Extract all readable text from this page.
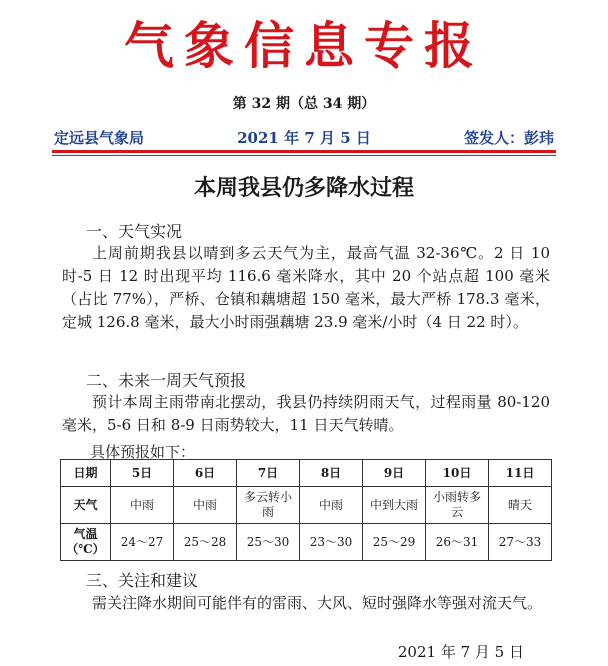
气象信息专报
第 32 期（总 34 期）
定远县气象局	2021 年 7 月 5 日	签发人：彭玮
本周我县仍多降水过程
一、天气实况
上周前期我县以晴到多云天气为主，最高气温 32-36℃。2 日 10 时-5 日 12 时出现平均 116.6 毫米降水，其中 20 个站点超 100 毫米（占比 77%），严桥、仓镇和藕塘超 150 毫米，最大严桥 178.3 毫米，定城 126.8 毫米，最大小时雨强藕塘 23.9 毫米/小时（4 日 22 时）。
二、未来一周天气预报
预计本周主雨带南北摆动，我县仍持续阴雨天气，过程雨量 80-120 毫米，5-6 日和 8-9 日雨势较大，11 日天气转晴。
具体预报如下：
日期	5日	6日	7日	8日	9日	10日	11日
天气	中雨	中雨	多云转小雨	中雨	中到大雨	小雨转多云	晴天
气温（℃）	24～27	25～28	25～30	23～30	25～29	26～31	27～33
三、关注和建议
需关注降水期间可能伴有的雷雨、大风、短时强降水等强对流天气。
2021 年 7 月 5 日
